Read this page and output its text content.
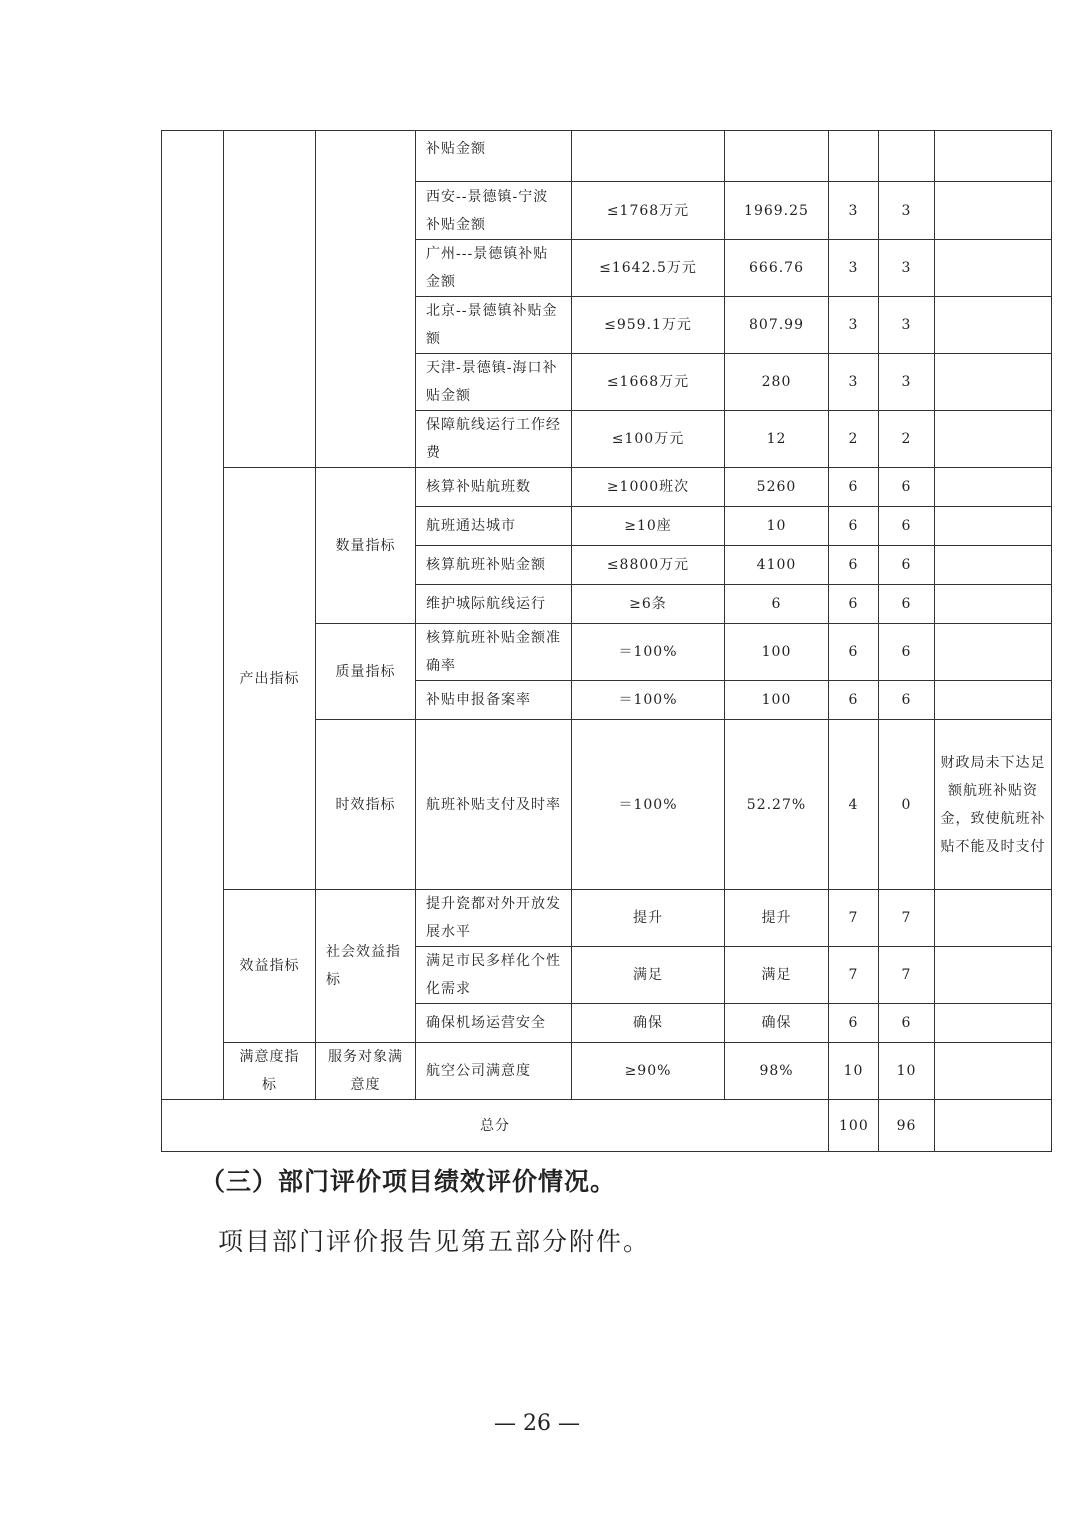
			补贴金额					
			西安--景德镇-宁波补贴金额	≤1768万元	1969.25	3	3	
			广州---景德镇补贴金额	≤1642.5万元	666.76	3	3	
			北京--景德镇补贴金额	≤959.1万元	807.99	3	3	
			天津-景德镇-海口补贴金额	≤1668万元	280	3	3	
			保障航线运行工作经费	≤100万元	12	2	2	
	产出指标	数量指标	核算补贴航班数	≥1000班次	5260	6	6	
			航班通达城市	≥10座	10	6	6	
			核算航班补贴金额	≤8800万元	4100	6	6	
			维护城际航线运行	≥6条	6	6	6	
		质量指标	核算航班补贴金额准确率	＝100%	100	6	6	
			补贴申报备案率	＝100%	100	6	6	
		时效指标	航班补贴支付及时率	＝100%	52.27%	4	0	财政局未下达足额航班补贴资金，致使航班补贴不能及时支付
	效益指标	社会效益指标	提升瓷都对外开放发展水平	提升	提升	7	7	
			满足市民多样化个性化需求	满足	满足	7	7	
			确保机场运营安全	确保	确保	6	6	
	满意度指标	服务对象满意度	航空公司满意度	≥90%	98%	10	10	
总分						100	96	
（三）部门评价项目绩效评价情况。

项目部门评价报告见第五部分附件。

— 26 —
